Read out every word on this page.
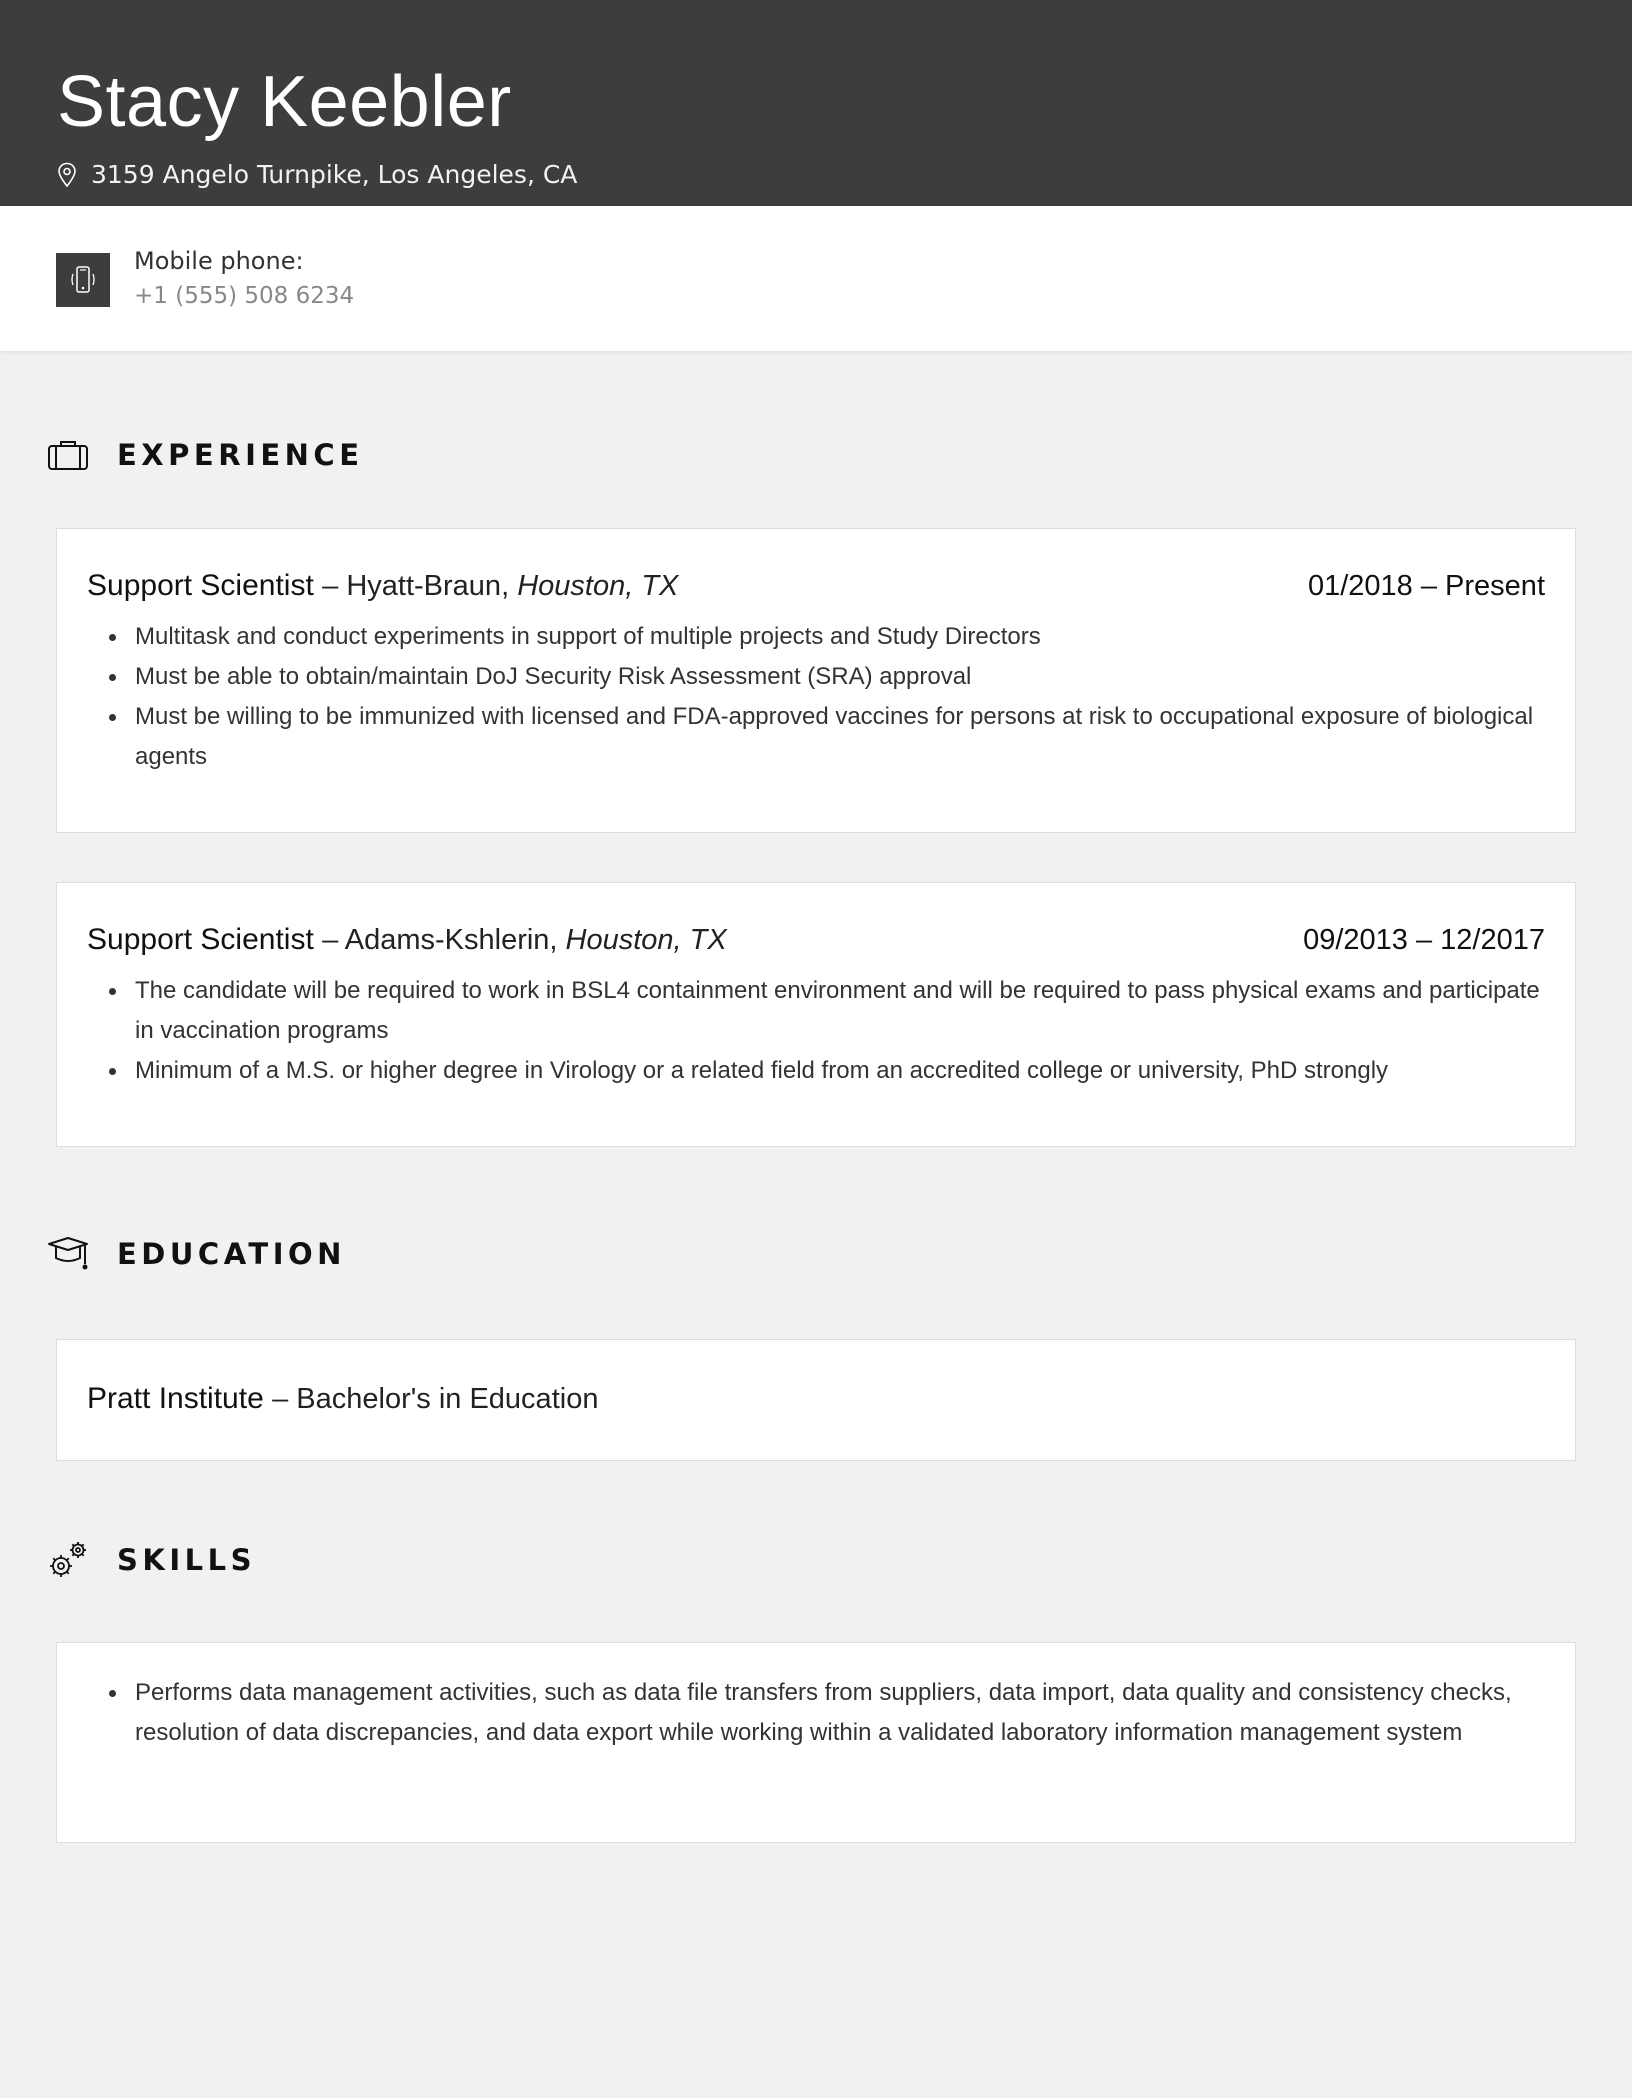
Stacy Keebler
3159 Angelo Turnpike, Los Angeles, CA
Mobile phone:
+1 (555) 508 6234
EXPERIENCE
Support Scientist – Hyatt-Braun, Houston, TX	01/2018 – Present
Multitask and conduct experiments in support of multiple projects and Study Directors
Must be able to obtain/maintain DoJ Security Risk Assessment (SRA) approval
Must be willing to be immunized with licensed and FDA-approved vaccines for persons at risk to occupational exposure of biological agents
Support Scientist – Adams-Kshlerin, Houston, TX	09/2013 – 12/2017
The candidate will be required to work in BSL4 containment environment and will be required to pass physical exams and participate in vaccination programs
Minimum of a M.S. or higher degree in Virology or a related field from an accredited college or university, PhD strongly
EDUCATION
Pratt Institute – Bachelor's in Education
SKILLS
Performs data management activities, such as data file transfers from suppliers, data import, data quality and consistency checks, resolution of data discrepancies, and data export while working within a validated laboratory information management system
